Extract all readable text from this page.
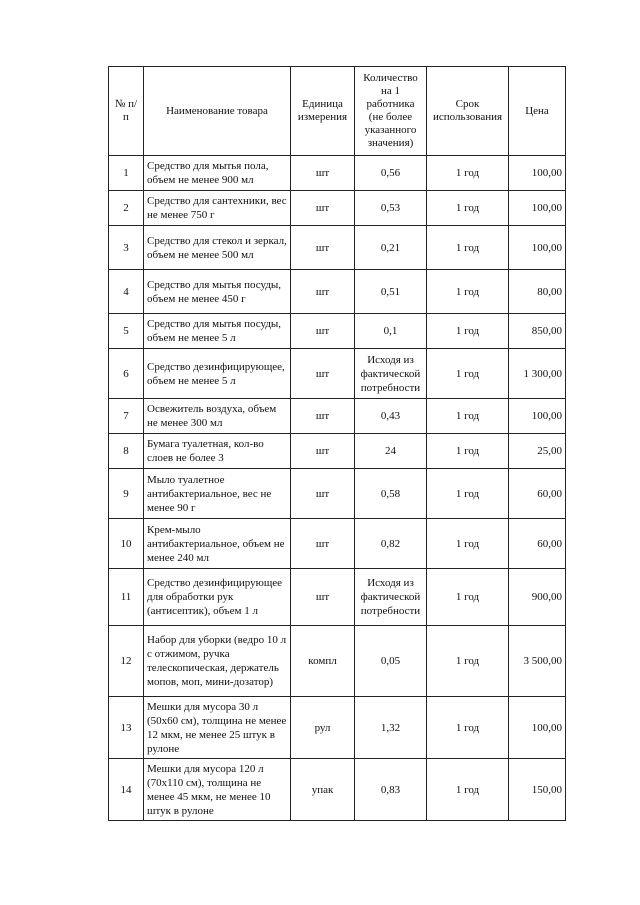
№ п/п	Наименование товара	Единица измерения	Количество на 1 работника (не более указанного значения)	Срок использования	Цена
1	Средство для мытья пола, объем не менее 900 мл	шт	0,56	1 год	100,00
2	Средство для сантехники, вес не менее 750 г	шт	0,53	1 год	100,00
3	Средство для стекол и зеркал, объем не менее 500 мл	шт	0,21	1 год	100,00
4	Средство для мытья посуды, объем не менее 450 г	шт	0,51	1 год	80,00
5	Средство для мытья посуды, объем не менее 5 л	шт	0,1	1 год	850,00
6	Средство дезинфицирующее, объем не менее 5 л	шт	Исходя из фактической потребности	1 год	1 300,00
7	Освежитель воздуха, объем не менее 300 мл	шт	0,43	1 год	100,00
8	Бумага туалетная, кол-во слоев не более 3	шт	24	1 год	25,00
9	Мыло туалетное антибактериальное, вес не менее 90 г	шт	0,58	1 год	60,00
10	Крем-мыло антибактериальное, объем не менее 240 мл	шт	0,82	1 год	60,00
11	Средство дезинфицирующее для обработки рук (антисептик), объем 1 л	шт	Исходя из фактической потребности	1 год	900,00
12	Набор для уборки (ведро 10 л с отжимом, ручка телескопическая, держатель мопов, моп, мини-дозатор)	компл	0,05	1 год	3 500,00
13	Мешки для мусора 30 л (50х60 см), толщина не менее 12 мкм, не менее 25 штук в рулоне	рул	1,32	1 год	100,00
14	Мешки для мусора 120 л (70х110 см), толщина не менее 45 мкм, не менее 10 штук в рулоне	упак	0,83	1 год	150,00
